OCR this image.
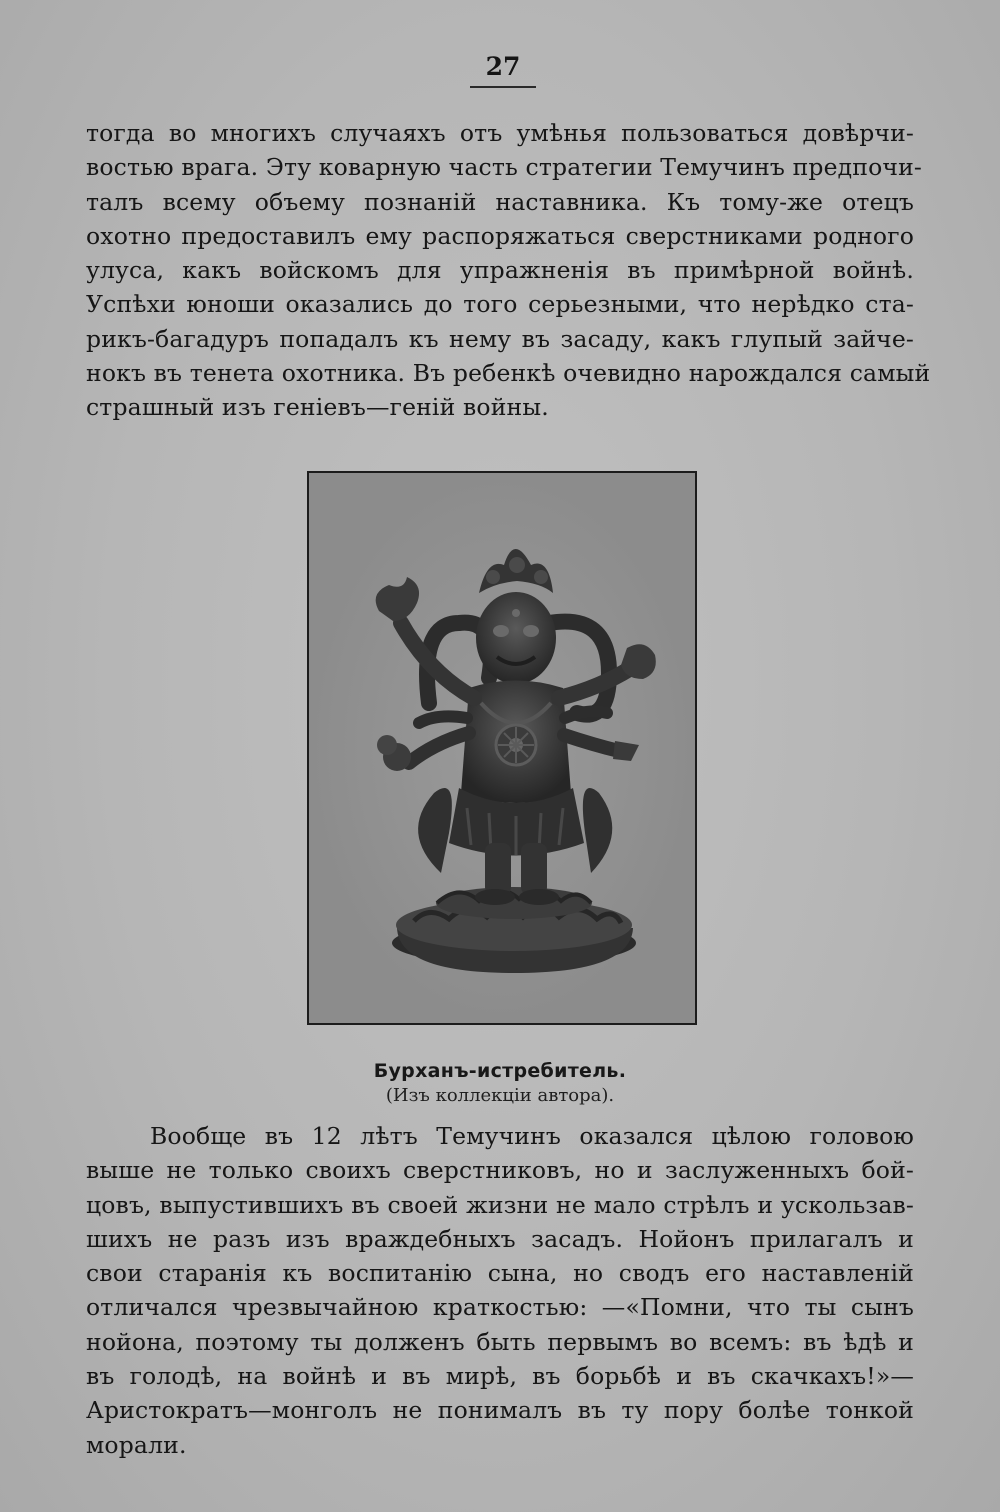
27
тогда во многихъ случаяхъ отъ умѣнья пользоваться довѣрчи-
востью врага. Эту коварную часть стратегии Темучинъ предпочи-
талъ всему объему познаній наставника. Къ тому-же отецъ
охотно предоставилъ ему распоряжаться сверстниками родного
улуса, какъ войскомъ для упражненія въ примѣрной войнѣ.
Успѣхи юноши оказались до того серьезными, что нерѣдко ста-
рикъ-багадуръ попадалъ къ нему въ засаду, какъ глупый зайче-
нокъ въ тенета охотника. Въ ребенкѣ очевидно нарождался самый
страшный изъ геніевъ—геній войны.
Бурханъ-истребитель.
(Изъ коллекціи автора).
Вообще въ 12 лѣтъ Темучинъ оказался цѣлою головою
выше не только своихъ сверстниковъ, но и заслуженныхъ бой-
цовъ, выпустившихъ въ своей жизни не мало стрѣлъ и ускользав-
шихъ не разъ изъ враждебныхъ засадъ. Нойонъ прилагалъ и
свои старанія къ воспитанію сына, но сводъ его наставленій
отличался чрезвычайною краткостью: —«Помни, что ты сынъ
нойона, поэтому ты долженъ быть первымъ во всемъ: въ ѣдѣ и
въ голодѣ, на войнѣ и въ мирѣ, въ борьбѣ и въ скачкахъ!»—
Аристократъ—монголъ не понималъ въ ту пору болѣе тонкой
морали.
